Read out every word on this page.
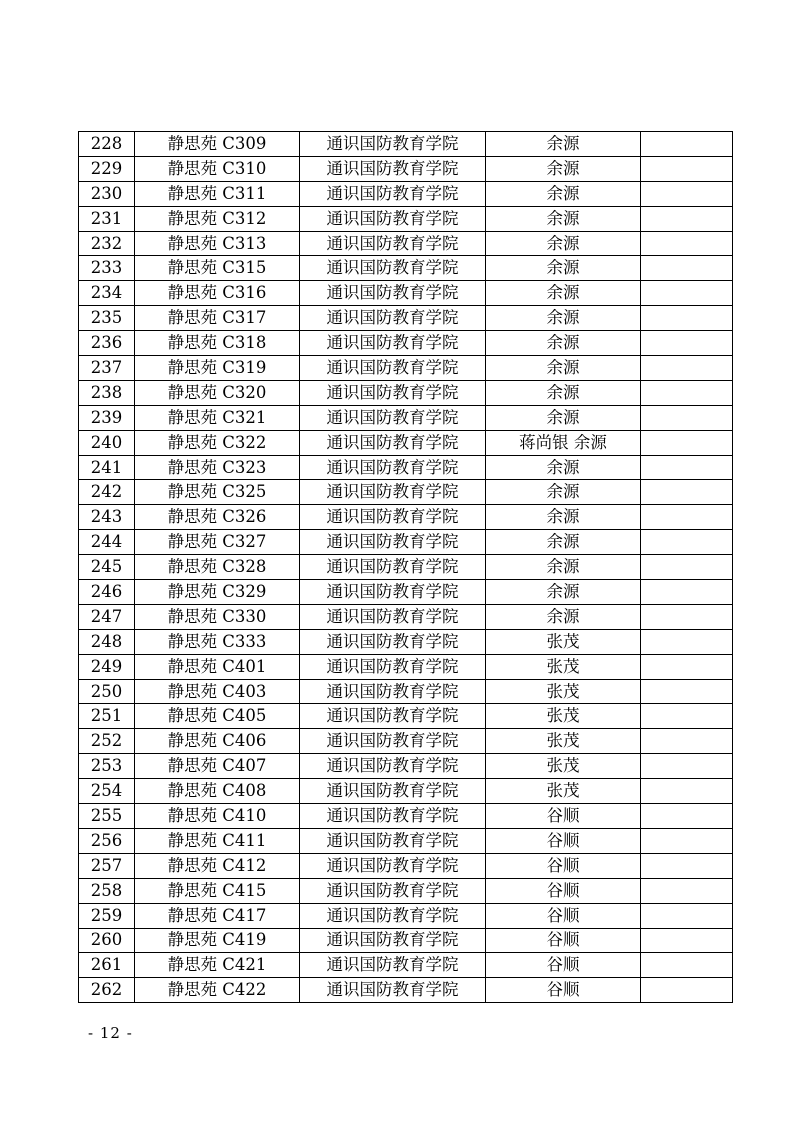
228	静思苑 C309	通识国防教育学院	余源	
229	静思苑 C310	通识国防教育学院	余源	
230	静思苑 C311	通识国防教育学院	余源	
231	静思苑 C312	通识国防教育学院	余源	
232	静思苑 C313	通识国防教育学院	余源	
233	静思苑 C315	通识国防教育学院	余源	
234	静思苑 C316	通识国防教育学院	余源	
235	静思苑 C317	通识国防教育学院	余源	
236	静思苑 C318	通识国防教育学院	余源	
237	静思苑 C319	通识国防教育学院	余源	
238	静思苑 C320	通识国防教育学院	余源	
239	静思苑 C321	通识国防教育学院	余源	
240	静思苑 C322	通识国防教育学院	蒋尚银 余源	
241	静思苑 C323	通识国防教育学院	余源	
242	静思苑 C325	通识国防教育学院	余源	
243	静思苑 C326	通识国防教育学院	余源	
244	静思苑 C327	通识国防教育学院	余源	
245	静思苑 C328	通识国防教育学院	余源	
246	静思苑 C329	通识国防教育学院	余源	
247	静思苑 C330	通识国防教育学院	余源	
248	静思苑 C333	通识国防教育学院	张茂	
249	静思苑 C401	通识国防教育学院	张茂	
250	静思苑 C403	通识国防教育学院	张茂	
251	静思苑 C405	通识国防教育学院	张茂	
252	静思苑 C406	通识国防教育学院	张茂	
253	静思苑 C407	通识国防教育学院	张茂	
254	静思苑 C408	通识国防教育学院	张茂	
255	静思苑 C410	通识国防教育学院	谷顺	
256	静思苑 C411	通识国防教育学院	谷顺	
257	静思苑 C412	通识国防教育学院	谷顺	
258	静思苑 C415	通识国防教育学院	谷顺	
259	静思苑 C417	通识国防教育学院	谷顺	
260	静思苑 C419	通识国防教育学院	谷顺	
261	静思苑 C421	通识国防教育学院	谷顺	
262	静思苑 C422	通识国防教育学院	谷顺	
- 12 -
